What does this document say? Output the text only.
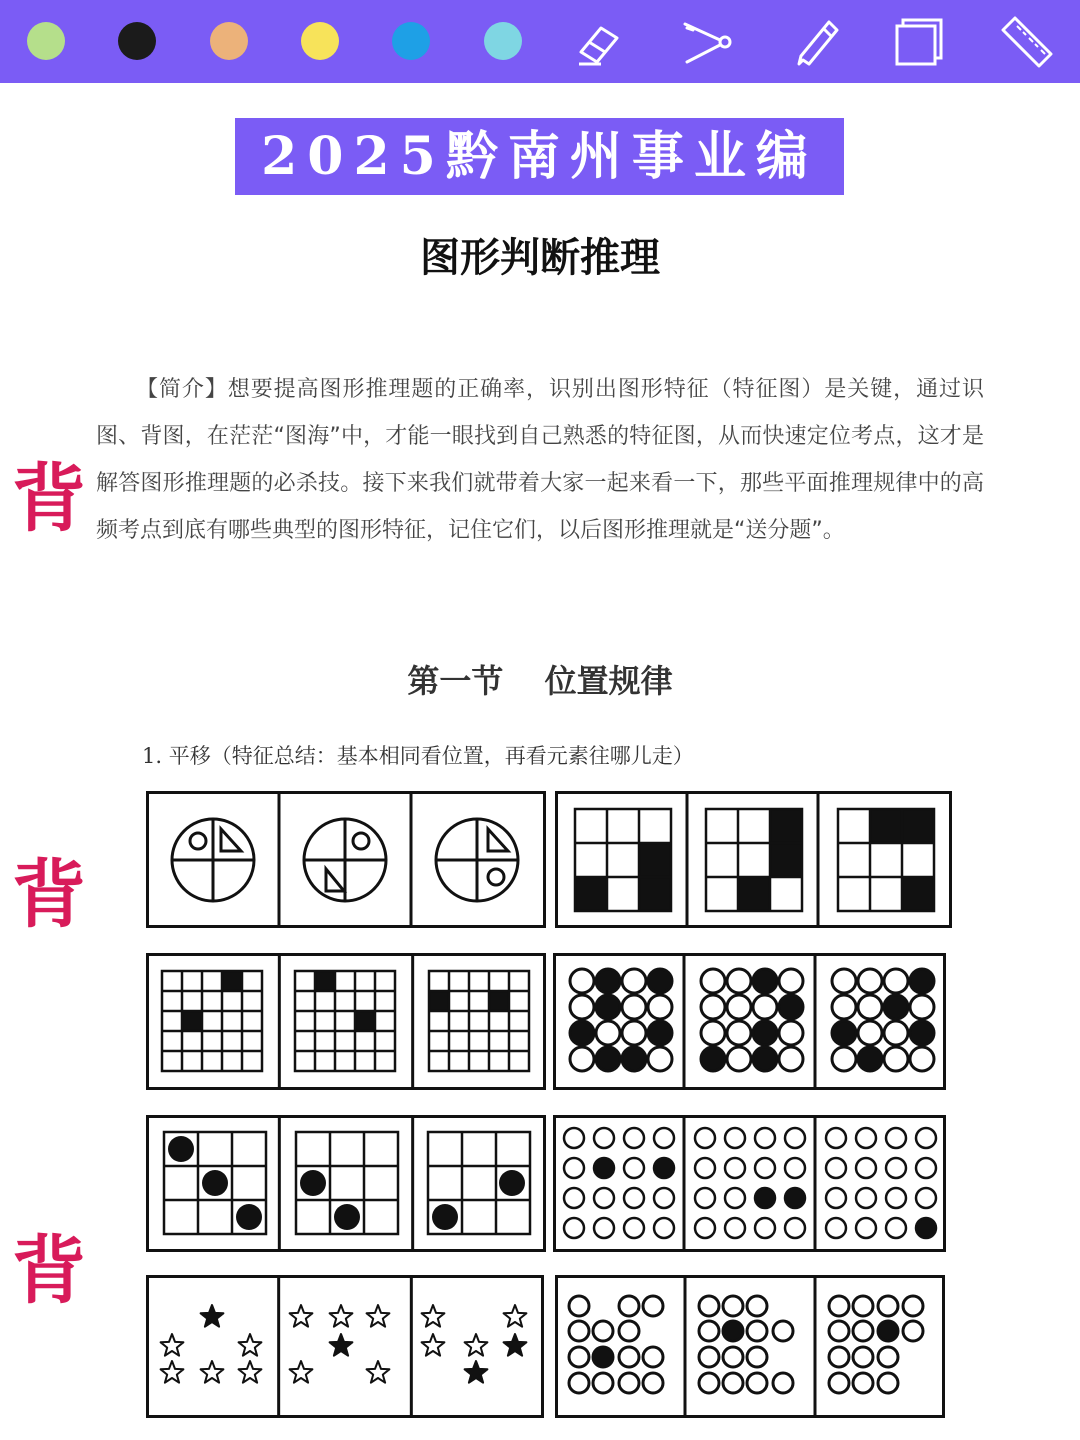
2025黔南州事业编
图形判断推理
背
背
背
【简介】想要提高图形推理题的正确率，识别出图形特征（特征图）是关键，通过识图、背图，在茫茫“图海”中，才能一眼找到自己熟悉的特征图，从而快速定位考点，这才是解答图形推理题的必杀技。接下来我们就带着大家一起来看一下，那些平面推理规律中的高频考点到底有哪些典型的图形特征，记住它们，以后图形推理就是“送分题”。
第一节 位置规律
1. 平移（特征总结：基本相同看位置，再看元素往哪儿走）
